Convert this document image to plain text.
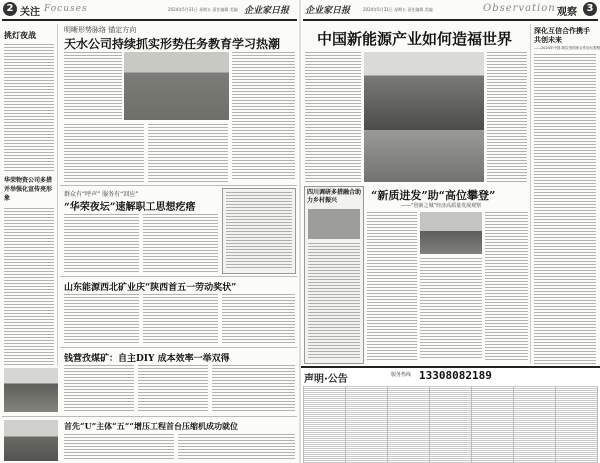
2 关注 Focuses	2024年5月31日 星期五 责任编辑 美编 企业家日报
挑灯夜战
华荣物资公司多措并举强化宣传亮形象
明晰形势脉络 锚定方向
天水公司持续抓实形势任务教育学习热潮
群众有“呼声” 服务有“回应”
“华荣夜坛”速解职工思想疙瘩
山东能源西北矿业庆“陕西首五一劳动奖状”
钱营孜煤矿：自主DIY 成本效率一举双得
首先“U”主体“五”“增压工程首台压缩机成功就位
企业家日报	2024年5月31日 星期五 责任编辑 美编	Observation 观察 3
中国新能源产业如何造福世界	深化互信合作携手共创未来
——2024年中国-阿拉伯国家合作论坛观察
四川调研多措融合助力乡村振兴	“新质进发”助“高位攀登”
——“创新之城”经济高质量发展观察
声明·公告	服务热线 13308082189
